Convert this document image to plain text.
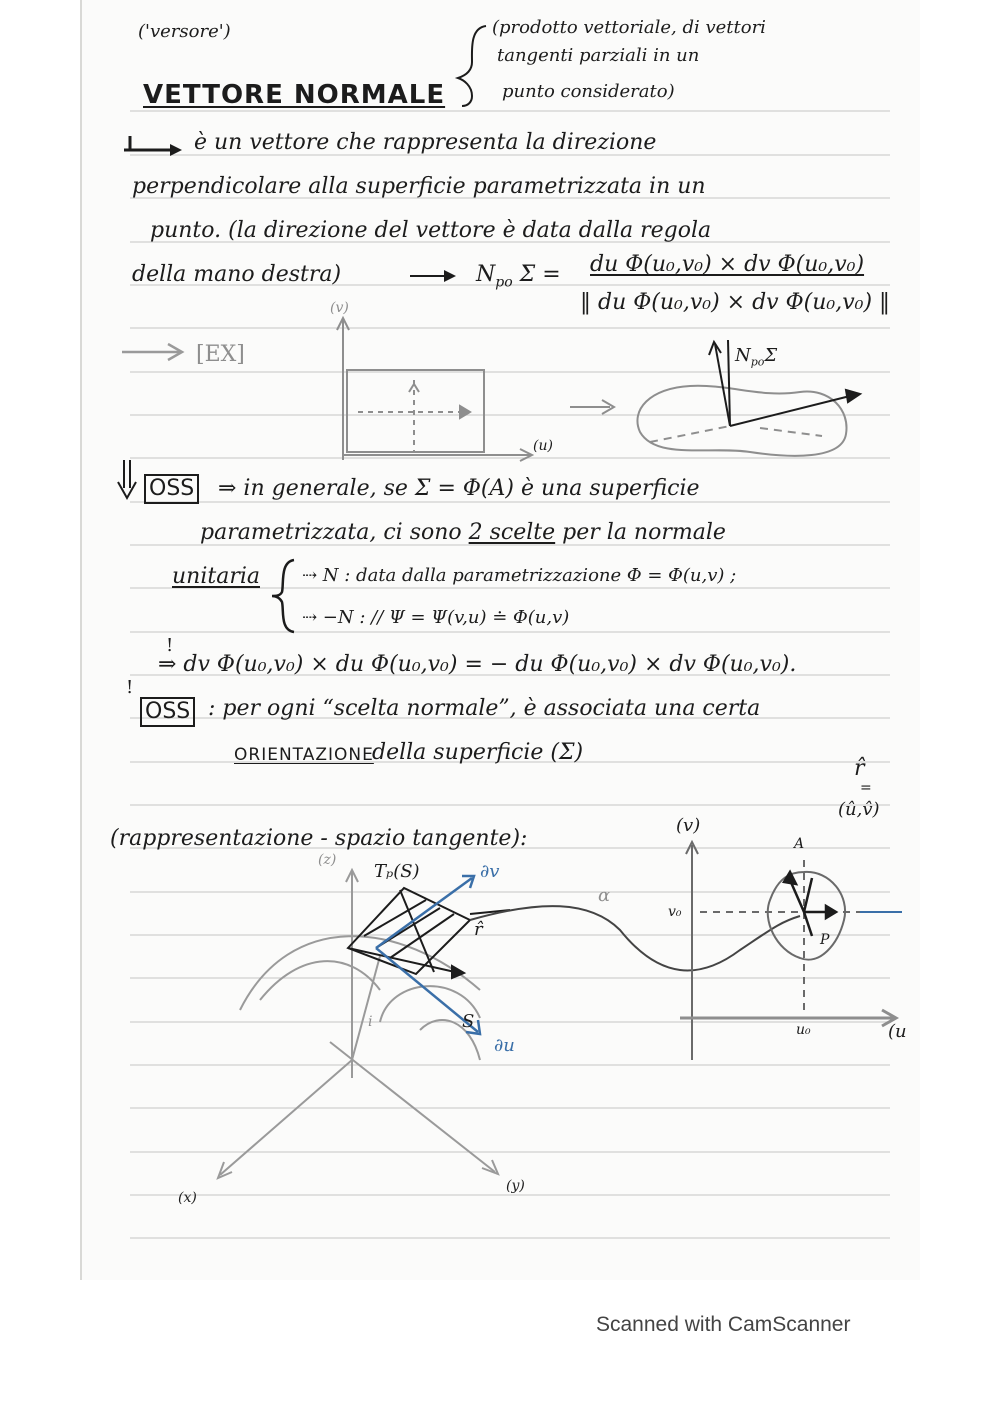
('versore')
VETTORE NORMALE
(prodotto vettoriale, di vettori
tangenti parziali in un
punto considerato)
è un vettore che rappresenta la direzione
perpendicolare alla superficie parametrizzata in un
punto. (la direzione del vettore è data dalla regola
della mano destra)	$N_{po}$ Σ = du Φ(u₀,v₀) × dv Φ(u₀,v₀)
‖ du Φ(u₀,v₀) × dv Φ(u₀,v₀) ‖
(v)
(u)
$N_{po}\Sigma$
[EX]
OSS ⇒ in generale, se Σ = Φ(A) è una superficie
parametrizzata, ci sono 2 scelte per la normale
unitaria ⇢ N : data dalla parametrizzazione Φ = Φ(u,v) ;
⇢ −N : // Ψ = Ψ(v,u) ≐ Φ(u,v)
!
⇒ dv Φ(u₀,v₀) × du Φ(u₀,v₀) = − du Φ(u₀,v₀) × dv Φ(u₀,v₀).
!
OSS : per ogni “scelta normale”, è associata una certa
ORIENTAZIONE
della superficie (Σ)
(rappresentazione - spazio tangente):
Tₚ(S)
(z)
∂v
∂u
r̂
S
i
(y)
(x)
α
(v)
(u
u₀
v₀
A
P
r̂
=
(û,v̂)
Scanned with CamScanner
